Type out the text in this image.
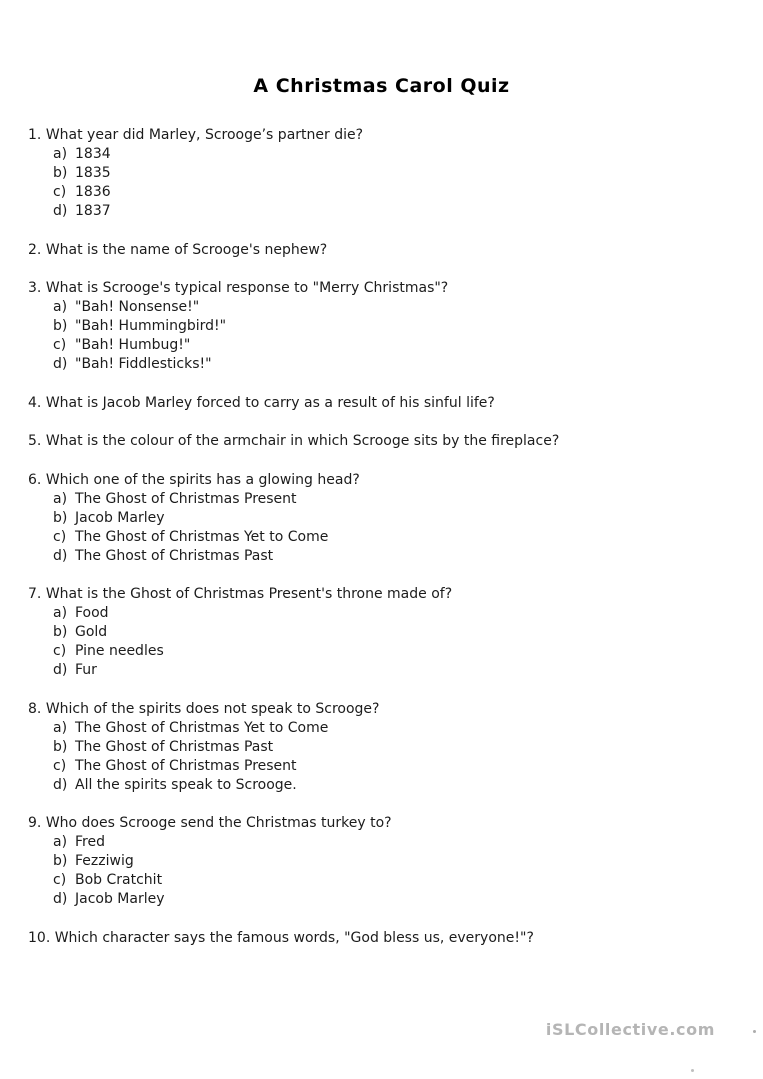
A Christmas Carol Quiz
1. What year did Marley, Scrooge’s partner die?
a) 1834
b) 1835
c) 1836
d) 1837
2. What is the name of Scrooge's nephew?
3. What is Scrooge's typical response to "Merry Christmas"?
a) "Bah! Nonsense!"
b) "Bah! Hummingbird!"
c) "Bah! Humbug!"
d) "Bah! Fiddlesticks!"
4. What is Jacob Marley forced to carry as a result of his sinful life?
5. What is the colour of the armchair in which Scrooge sits by the fireplace?
6. Which one of the spirits has a glowing head?
a) The Ghost of Christmas Present
b) Jacob Marley
c) The Ghost of Christmas Yet to Come
d) The Ghost of Christmas Past
7. What is the Ghost of Christmas Present's throne made of?
a) Food
b) Gold
c) Pine needles
d) Fur
8. Which of the spirits does not speak to Scrooge?
a) The Ghost of Christmas Yet to Come
b) The Ghost of Christmas Past
c) The Ghost of Christmas Present
d) All the spirits speak to Scrooge.
9. Who does Scrooge send the Christmas turkey to?
a) Fred
b) Fezziwig
c) Bob Cratchit
d) Jacob Marley
10. Which character says the famous words, "God bless us, everyone!"?
iSLCollective.com
